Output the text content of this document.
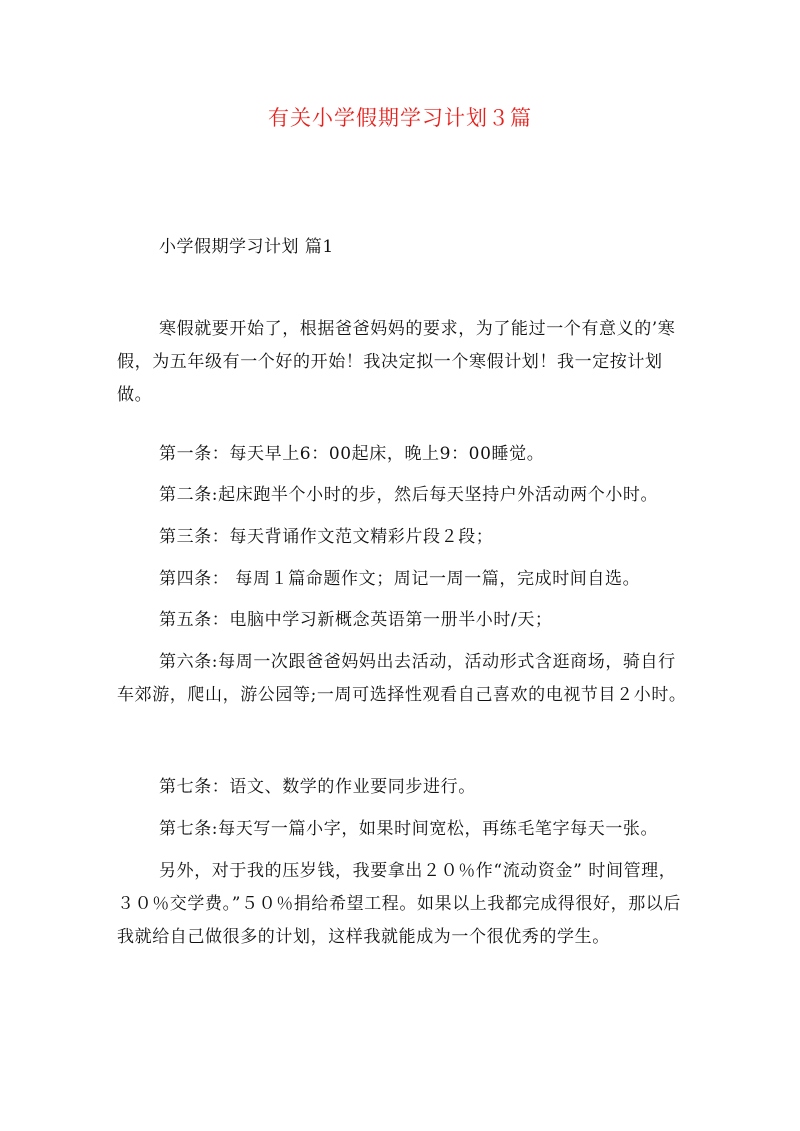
有关小学假期学习计划３篇
小学假期学习计划 篇1

寒假就要开始了，根据爸爸妈妈的要求，为了能过一个有意义的’寒假，为五年级有一个好的开始！我决定拟一个寒假计划！我一定按计划做。

第一条：每天早上6：00起床，晚上9：00睡觉。

第二条:起床跑半个小时的步，然后每天坚持户外活动两个小时。

第三条：每天背诵作文范文精彩片段２段；

第四条： 每周１篇命题作文；周记一周一篇，完成时间自选。

第五条：电脑中学习新概念英语第一册半小时/天；

第六条:每周一次跟爸爸妈妈出去活动，活动形式含逛商场，骑自行车郊游，爬山，游公园等;一周可选择性观看自己喜欢的电视节目２小时。

第七条：语文、数学的作业要同步进行。

第七条:每天写一篇小字，如果时间宽松，再练毛笔字每天一张。

另外，对于我的压岁钱，我要拿出２０％作“流动资金” 时间管理，３０％交学费。”５０％捐给希望工程。如果以上我都完成得很好，那以后我就给自己做很多的计划，这样我就能成为一个很优秀的学生。
